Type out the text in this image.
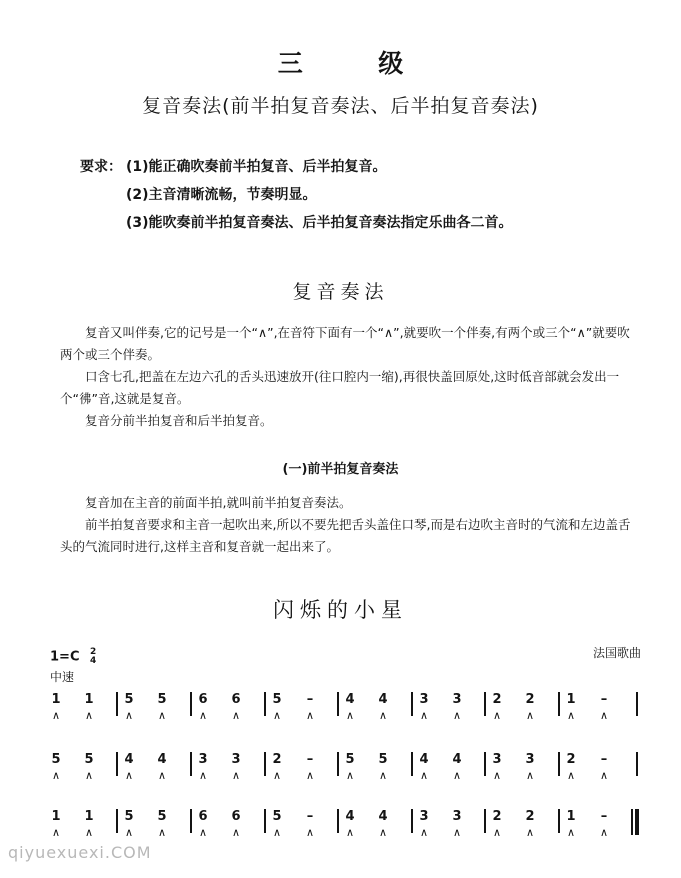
三	级
复音奏法(前半拍复音奏法、后半拍复音奏法)
要求： (1)能正确吹奏前半拍复音、后半拍复音。
(2)主音清晰流畅，节奏明显。
(3)能吹奏前半拍复音奏法、后半拍复音奏法指定乐曲各二首。
复音奏法

复音又叫伴奏,它的记号是一个“∧”,在音符下面有一个“∧”,就要吹一个伴奏,有两个或三个“∧”就要吹两个或三个伴奏。

口含七孔,把盖在左边六孔的舌头迅速放开(往口腔内一缩),再很快盖回原处,这时低音部就会发出一个“彿”音,这就是复音。

复音分前半拍复音和后半拍复音。

(一)前半拍复音奏法

复音加在主音的前面半拍,就叫前半拍复音奏法。

前半拍复音要求和主音一起吹出来,所以不要先把舌头盖住口琴,而是右边吹主音时的气流和左边盖舌头的气流同时进行,这样主音和复音就一起出来了。

闪烁的小星
1=C 2
4
法国歌曲
中速
1
∧
1
∧
5
∧
5
∧
6
∧
6
∧
5
∧
–
∧
4
∧
4
∧
3
∧
3
∧
2
∧
2
∧
1
∧
–
∧
5
∧
5
∧
4
∧
4
∧
3
∧
3
∧
2
∧
–
∧
5
∧
5
∧
4
∧
4
∧
3
∧
3
∧
2
∧
–
∧
1
∧
1
∧
5
∧
5
∧
6
∧
6
∧
5
∧
–
∧
4
∧
4
∧
3
∧
3
∧
2
∧
2
∧
1
∧
–
∧
qiyuexuexi.COM
